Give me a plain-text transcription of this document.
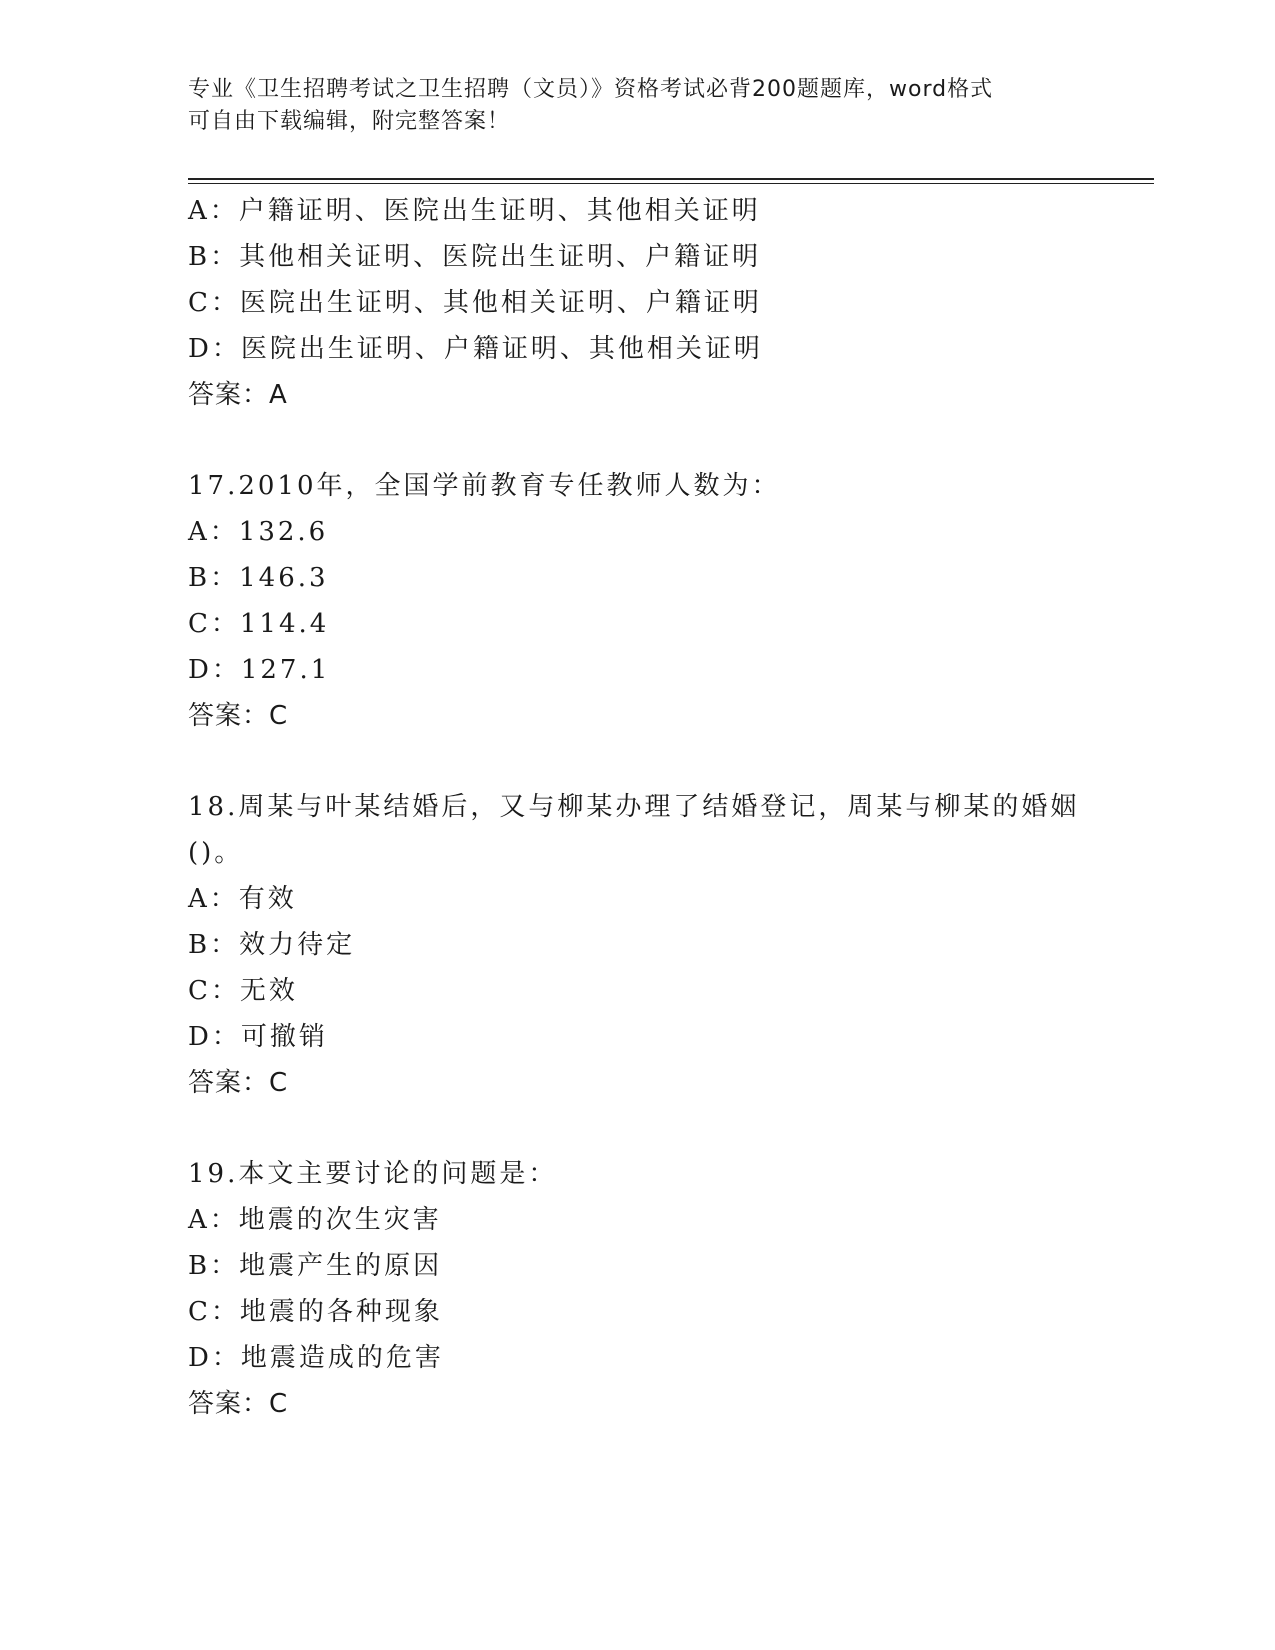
专业《卫生招聘考试之卫生招聘（文员）》资格考试必背200题题库，word格式
可自由下载编辑，附完整答案！
A：户籍证明、医院出生证明、其他相关证明
B：其他相关证明、医院出生证明、户籍证明
C：医院出生证明、其他相关证明、户籍证明
D：医院出生证明、户籍证明、其他相关证明
答案：A
17.2010年，全国学前教育专任教师人数为：
A：132.6
B：146.3
C：114.4
D：127.1
答案：C
18.周某与叶某结婚后，又与柳某办理了结婚登记，周某与柳某的婚姻
()。
A：有效
B：效力待定
C：无效
D：可撤销
答案：C
19.本文主要讨论的问题是：
A：地震的次生灾害
B：地震产生的原因
C：地震的各种现象
D：地震造成的危害
答案：C
